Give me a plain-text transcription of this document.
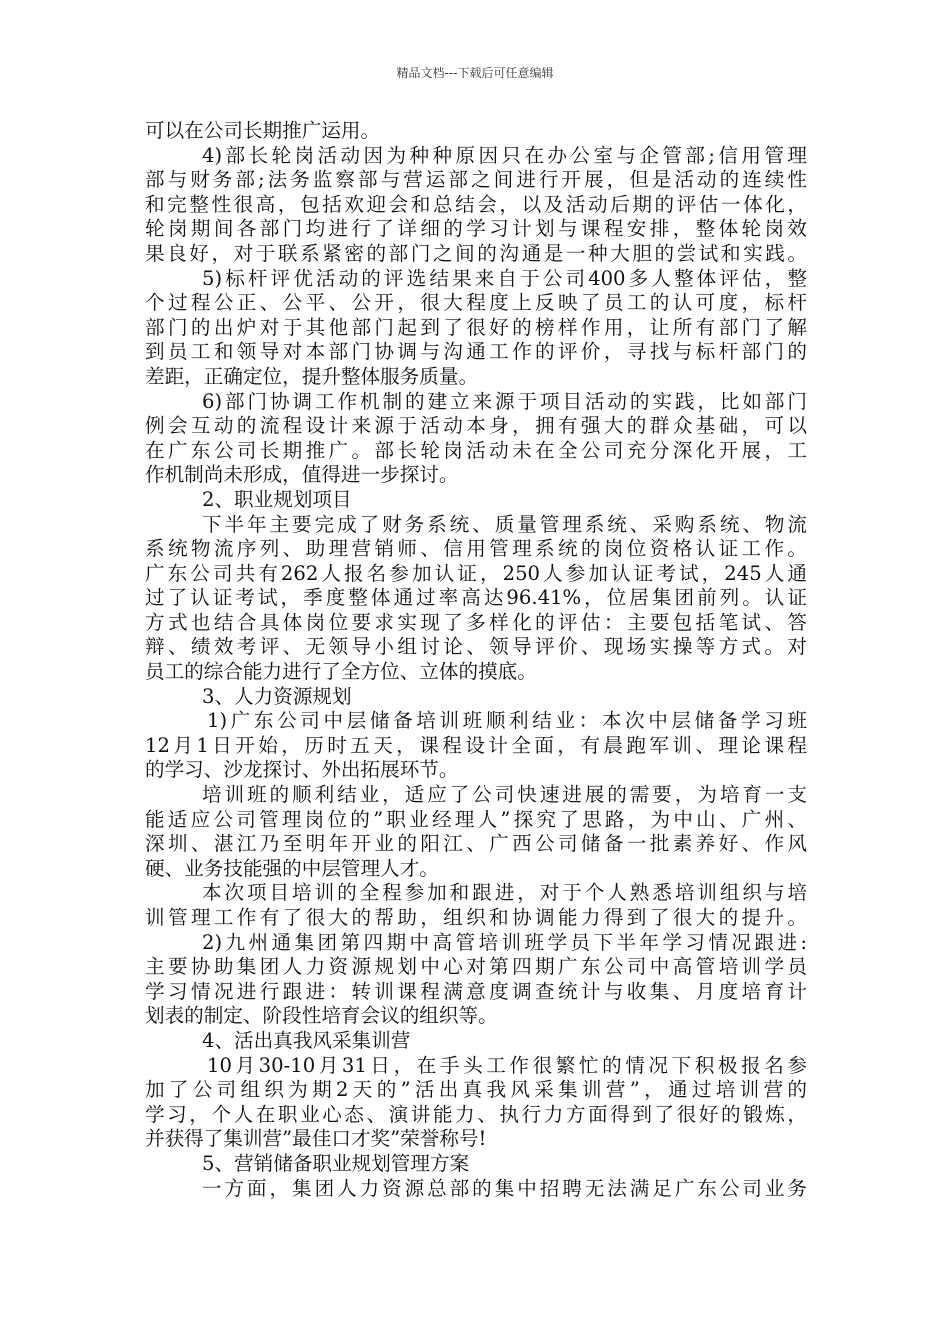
精品文档---下载后可任意编辑
可以在公司长期推广运用。
4)部长轮岗活动因为种种原因只在办公室与企管部;信用管理
部与财务部;法务监察部与营运部之间进行开展，但是活动的连续性
和完整性很高，包括欢迎会和总结会，以及活动后期的评估一体化，
轮岗期间各部门均进行了详细的学习计划与课程安排，整体轮岗效
果良好，对于联系紧密的部门之间的沟通是一种大胆的尝试和实践。
5)标杆评优活动的评选结果来自于公司400多人整体评估，整
个过程公正、公平、公开，很大程度上反映了员工的认可度，标杆
部门的出炉对于其他部门起到了很好的榜样作用，让所有部门了解
到员工和领导对本部门协调与沟通工作的评价，寻找与标杆部门的
差距，正确定位，提升整体服务质量。
6)部门协调工作机制的建立来源于项目活动的实践，比如部门
例会互动的流程设计来源于活动本身，拥有强大的群众基础，可以
在广东公司长期推广。部长轮岗活动未在全公司充分深化开展，工
作机制尚未形成，值得进一步探讨。
2、职业规划项目
下半年主要完成了财务系统、质量管理系统、采购系统、物流
系统物流序列、助理营销师、信用管理系统的岗位资格认证工作。
广东公司共有262人报名参加认证，250人参加认证考试，245人通
过了认证考试，季度整体通过率高达96.41%，位居集团前列。认证
方式也结合具体岗位要求实现了多样化的评估：主要包括笔试、答
辩、绩效考评、无领导小组讨论、领导评价、现场实操等方式。对
员工的综合能力进行了全方位、立体的摸底。
3、人力资源规划
1)广东公司中层储备培训班顺利结业：本次中层储备学习班
12月1日开始，历时五天，课程设计全面，有晨跑军训、理论课程
的学习、沙龙探讨、外出拓展环节。
培训班的顺利结业，适应了公司快速进展的需要，为培育一支
能适应公司管理岗位的”职业经理人”探究了思路，为中山、广州、
深圳、湛江乃至明年开业的阳江、广西公司储备一批素养好、作风
硬、业务技能强的中层管理人才。
本次项目培训的全程参加和跟进，对于个人熟悉培训组织与培
训管理工作有了很大的帮助，组织和协调能力得到了很大的提升。
2)九州通集团第四期中高管培训班学员下半年学习情况跟进:
主要协助集团人力资源规划中心对第四期广东公司中高管培训学员
学习情况进行跟进：转训课程满意度调查统计与收集、月度培育计
划表的制定、阶段性培育会议的组织等。
4、活出真我风采集训营
10月30-10月31日，在手头工作很繁忙的情况下积极报名参
加了公司组织为期2天的”活出真我风采集训营”，通过培训营的
学习，个人在职业心态、演讲能力、执行力方面得到了很好的锻炼，
并获得了集训营”最佳口才奖”荣誉称号!
5、营销储备职业规划管理方案
一方面，集团人力资源总部的集中招聘无法满足广东公司业务
